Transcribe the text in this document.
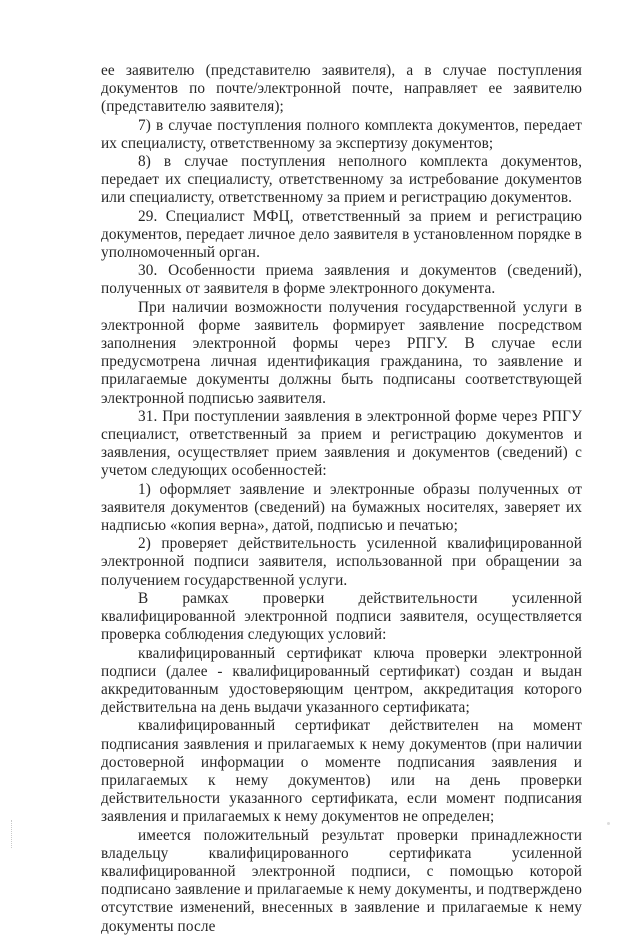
ее заявителю (представителю заявителя), а в случае поступления документов по почте/электронной почте, направляет ее заявителю (представителю заявителя);

7) в случае поступления полного комплекта документов, передает их специалисту, ответственному за экспертизу документов;

8) в случае поступления неполного комплекта документов, передает их специалисту, ответственному за истребование документов или специалисту, ответственному за прием и регистрацию документов.

29. Специалист МФЦ, ответственный за прием и регистрацию документов, передает личное дело заявителя в установленном порядке в уполномоченный орган.

30. Особенности приема заявления и документов (сведений), полученных от заявителя в форме электронного документа.

При наличии возможности получения государственной услуги в электронной форме заявитель формирует заявление посредством заполнения электронной формы через РПГУ. В случае если предусмотрена личная идентификация гражданина, то заявление и прилагаемые документы должны быть подписаны соответствующей электронной подписью заявителя.

31. При поступлении заявления в электронной форме через РПГУ специалист, ответственный за прием и регистрацию документов и заявления, осуществляет прием заявления и документов (сведений) с учетом следующих особенностей:

1) оформляет заявление и электронные образы полученных от заявителя документов (сведений) на бумажных носителях, заверяет их надписью «копия верна», датой, подписью и печатью;

2) проверяет действительность усиленной квалифицированной электронной подписи заявителя, использованной при обращении за получением государственной услуги.

В рамках проверки действительности усиленной квалифицированной электронной подписи заявителя, осуществляется проверка соблюдения следующих условий:

квалифицированный сертификат ключа проверки электронной подписи (далее - квалифицированный сертификат) создан и выдан аккредитованным удостоверяющим центром, аккредитация которого действительна на день выдачи указанного сертификата;

квалифицированный сертификат действителен на момент подписания заявления и прилагаемых к нему документов (при наличии достоверной информации о моменте подписания заявления и прилагаемых к нему документов) или на день проверки действительности указанного сертификата, если момент подписания заявления и прилагаемых к нему документов не определен;

имеется положительный результат проверки принадлежности владельцу квалифицированного сертификата усиленной квалифицированной электронной подписи, с помощью которой подписано заявление и прилагаемые к нему документы, и подтверждено отсутствие изменений, внесенных в заявление и прилагаемые к нему документы после
